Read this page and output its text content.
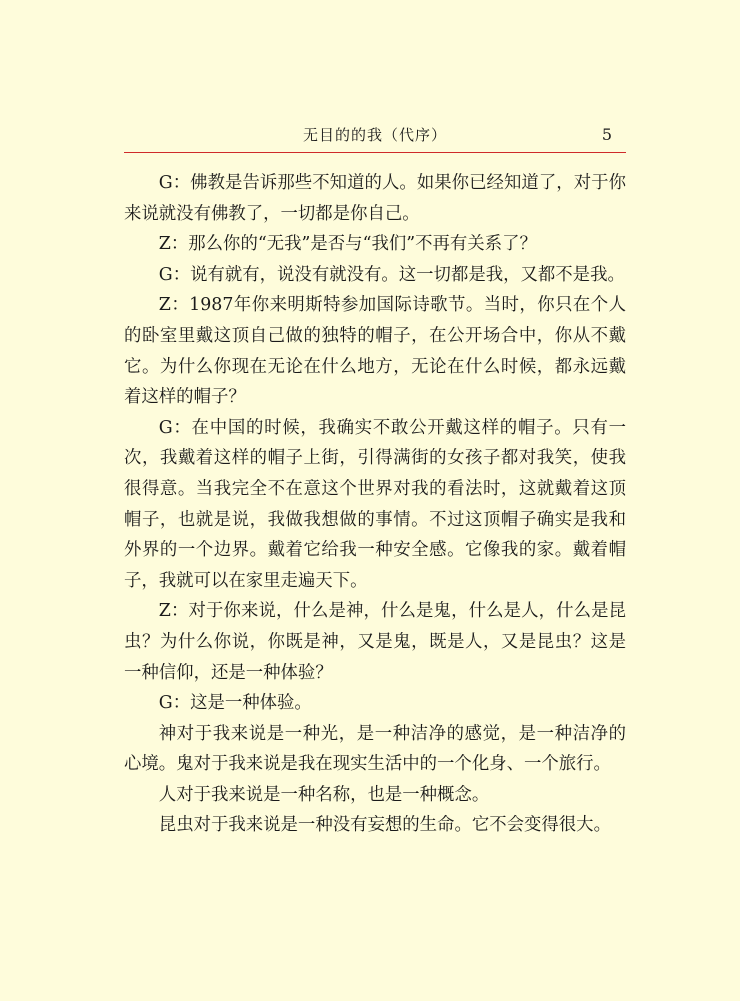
无目的的我（代序）	5

G：佛教是告诉那些不知道的人。如果你已经知道了，对于你来说就没有佛教了，一切都是你自己。

Z：那么你的“无我”是否与“我们”不再有关系了？

G：说有就有，说没有就没有。这一切都是我，又都不是我。

Z：1987年你来明斯特参加国际诗歌节。当时，你只在个人的卧室里戴这顶自己做的独特的帽子，在公开场合中，你从不戴它。为什么你现在无论在什么地方，无论在什么时候，都永远戴着这样的帽子？

G：在中国的时候，我确实不敢公开戴这样的帽子。只有一次，我戴着这样的帽子上街，引得满街的女孩子都对我笑，使我很得意。当我完全不在意这个世界对我的看法时，这就戴着这顶帽子，也就是说，我做我想做的事情。不过这顶帽子确实是我和外界的一个边界。戴着它给我一种安全感。它像我的家。戴着帽子，我就可以在家里走遍天下。

Z：对于你来说，什么是神，什么是鬼，什么是人，什么是昆虫？为什么你说，你既是神，又是鬼，既是人，又是昆虫？这是一种信仰，还是一种体验？

G：这是一种体验。

神对于我来说是一种光，是一种洁净的感觉，是一种洁净的心境。鬼对于我来说是我在现实生活中的一个化身、一个旅行。

人对于我来说是一种名称，也是一种概念。

昆虫对于我来说是一种没有妄想的生命。它不会变得很大。
